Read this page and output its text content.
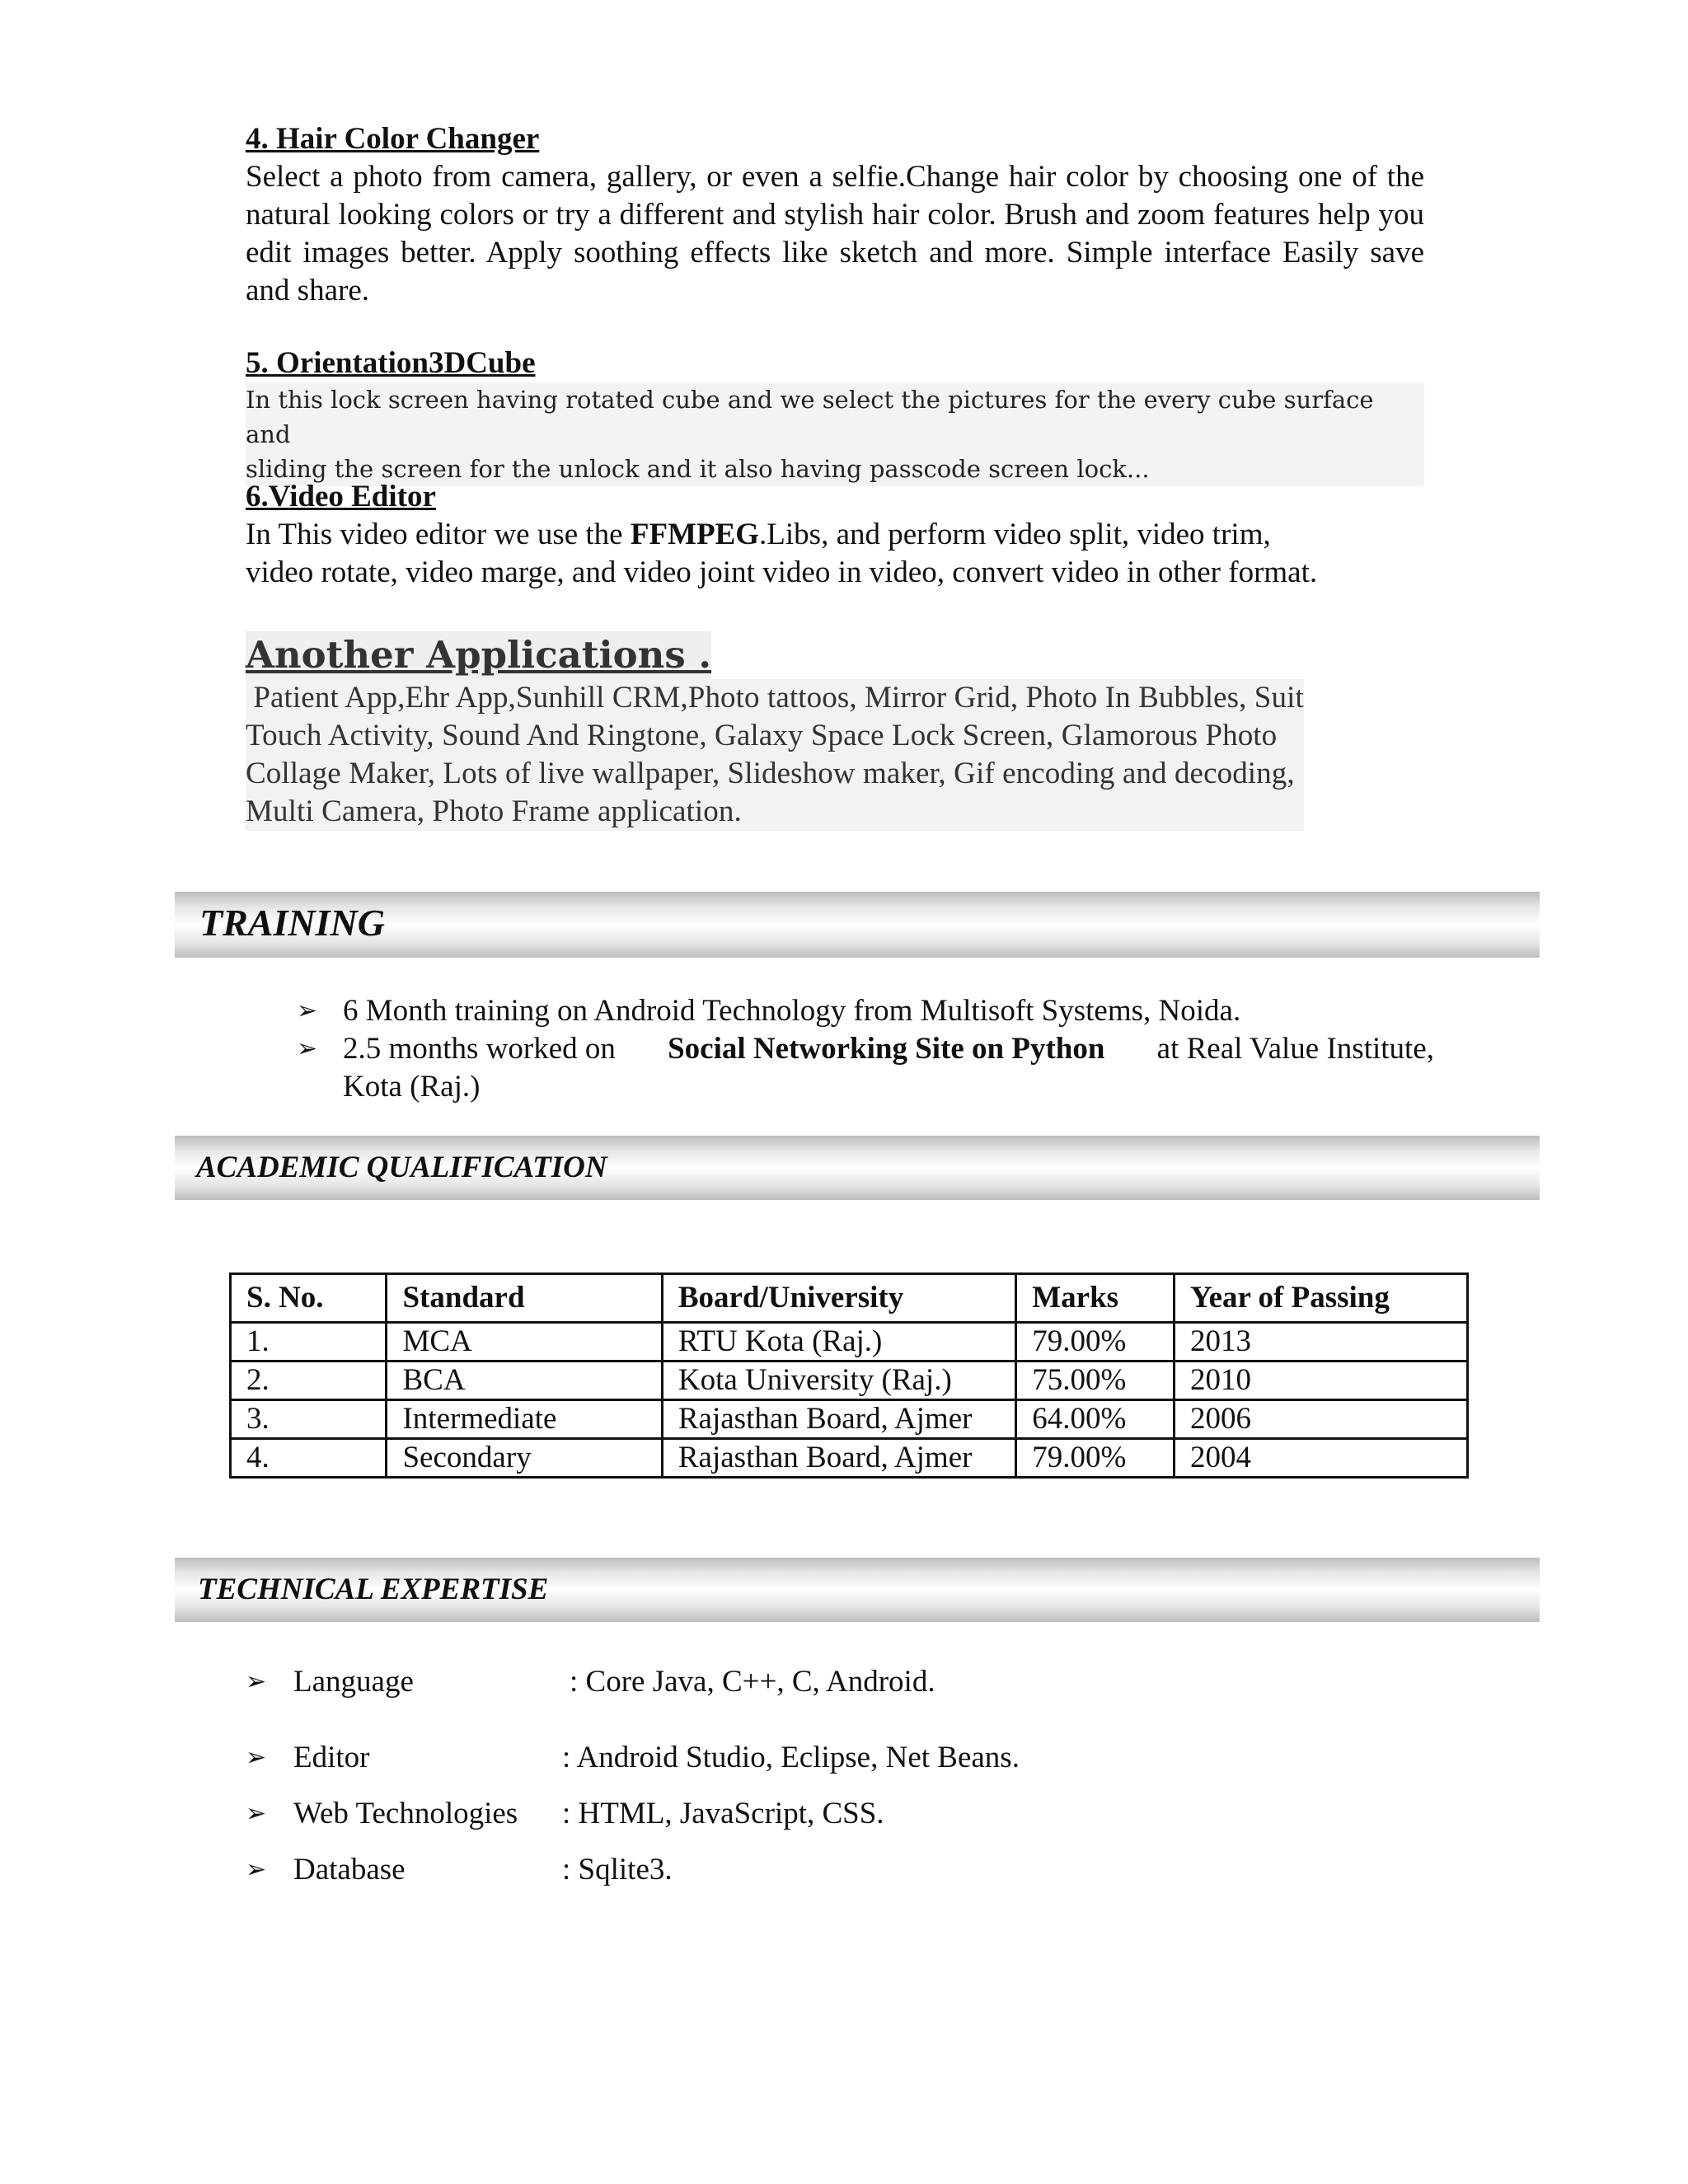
4. Hair Color Changer
Select a photo from camera, gallery, or even a selfie.Change hair color by choosing one of the natural looking colors or try a different and stylish hair color. Brush and zoom features help you edit images better. Apply soothing effects like sketch and more. Simple interface Easily save and share.
5. Orientation3DCube
In this lock screen having rotated cube and we select the pictures for the every cube surface and
sliding the screen for the unlock and it also having passcode screen lock...
6.Video Editor
In This video editor we use the FFMPEG.Libs, and perform video split, video trim,
video rotate, video marge, and video joint video in video, convert video in other format.
Another Applications .
Patient App,Ehr App,Sunhill CRM,Photo tattoos, Mirror Grid, Photo In Bubbles, Suit
Touch Activity, Sound And Ringtone, Galaxy Space Lock Screen, Glamorous Photo
Collage Maker, Lots of live wallpaper, Slideshow maker, Gif encoding and decoding,
Multi Camera, Photo Frame application.
TRAINING
➢ 6 Month training on Android Technology from Multisoft Systems, Noida.
➢ 2.5 months worked on Social Networking Site on Python at Real Value Institute,
Kota (Raj.)
ACADEMIC QUALIFICATION
S. No.	Standard	Board/University	Marks	Year of Passing
1.	MCA	RTU Kota (Raj.)	79.00%	2013
2.	BCA	Kota University (Raj.)	75.00%	2010
3.	Intermediate	Rajasthan Board, Ajmer	64.00%	2006
4.	Secondary	Rajasthan Board, Ajmer	79.00%	2004
TECHNICAL EXPERTISE
➢ Language	: Core Java, C++, C, Android.
➢ Editor	: Android Studio, Eclipse, Net Beans.
➢ Web Technologies : HTML, JavaScript, CSS.
➢ Database	: Sqlite3.
